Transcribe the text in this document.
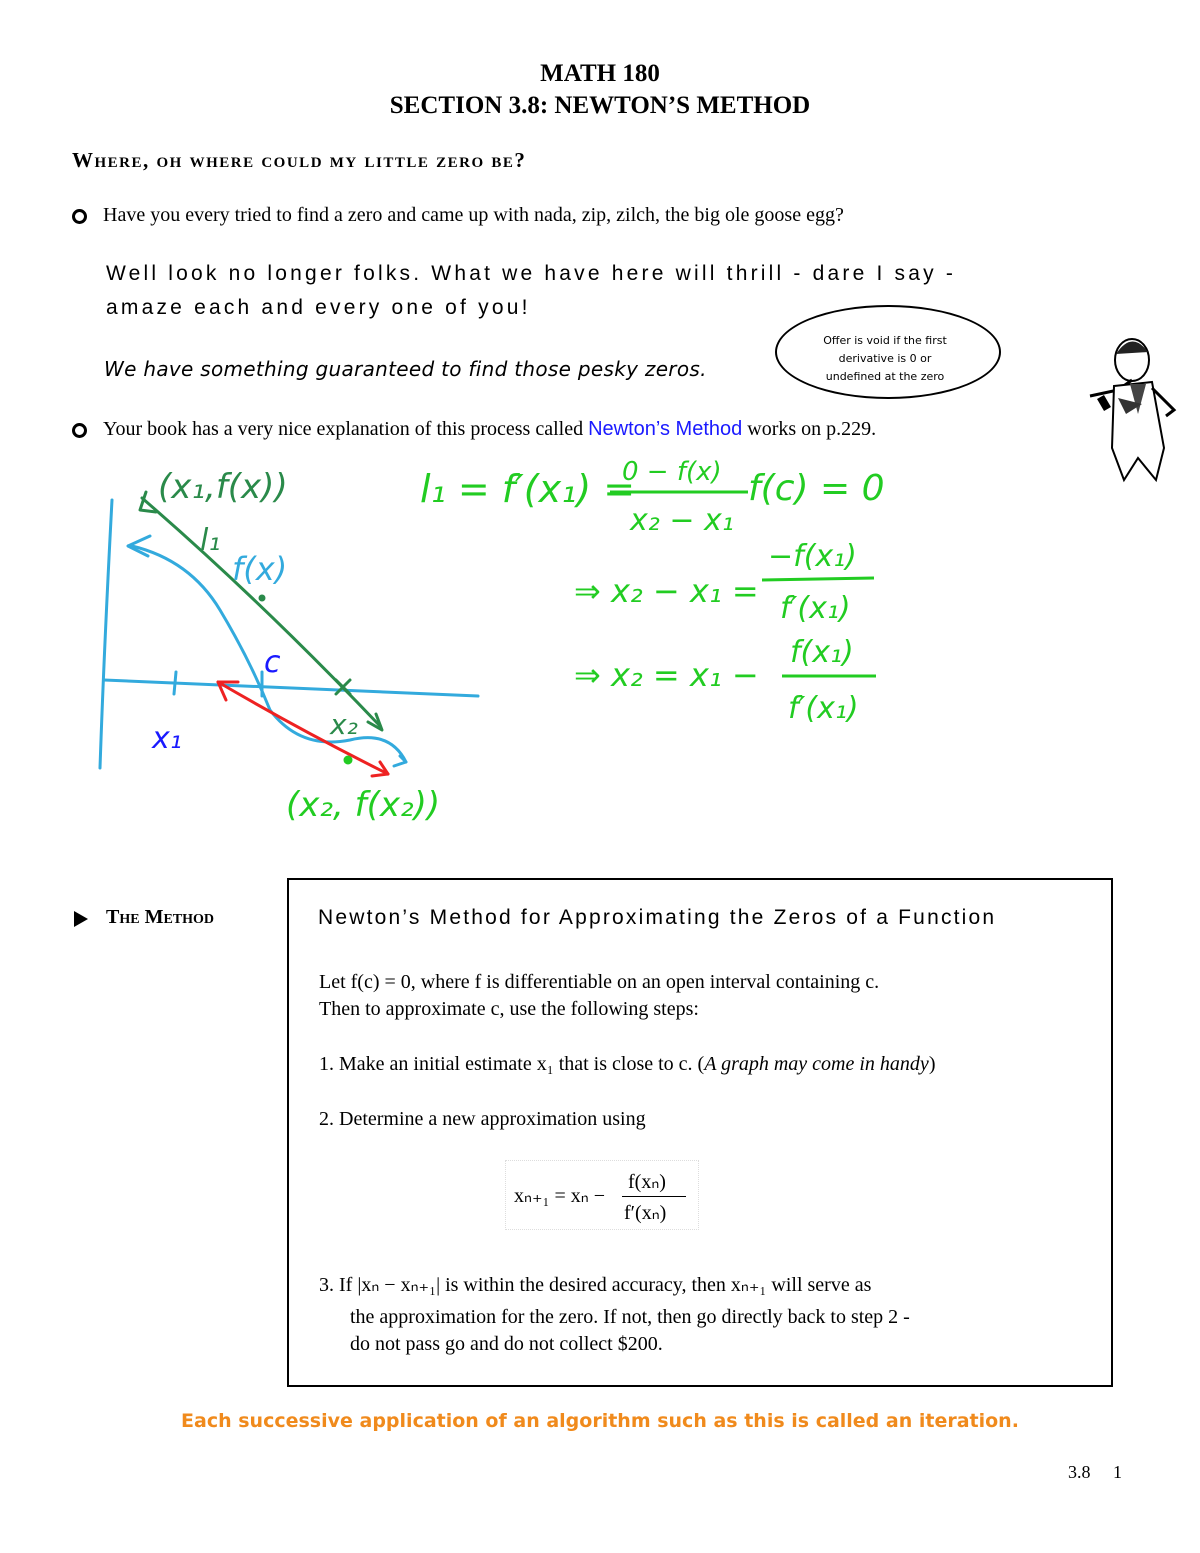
MATH 180
SECTION 3.8: NEWTON’S METHOD
Where, oh where could my little zero be?
Have you every tried to find a zero and came up with nada, zip, zilch, the big ole goose egg?
Well look no longer folks. What we have here will thrill - dare I say -
amaze each and every one of you!
We have something guaranteed to find those pesky zeros.
Offer is void if the first
derivative is 0 or
undefined at the zero
Your book has a very nice explanation of this process called Newton’s Method works on p.229.
(x₁,f(x))
l₁
f(x)
c
x₁	x₂
(x₂, f(x₂))
l₁ = f′(x₁) =
0 − f(x)
x₂ − x₁
f(c) = 0
⇒ x₂ − x₁ =
−f(x₁)
f′(x₁)
⇒ x₂ = x₁ −
f(x₁)
f′(x₁)
The Method	Newton’s Method for Approximating the Zeros of a Function
Let f(c) = 0, where f is differentiable on an open interval containing c.
Then to approximate c, use the following steps:
1. Make an initial estimate x₁ that is close to c. (A graph may come in handy)
2. Determine a new approximation using
xₙ₊₁ = xₙ −
f(xₙ)
f′(xₙ)
3. If |xₙ − xₙ₊₁| is within the desired accuracy, then xₙ₊₁ will serve as
the approximation for the zero. If not, then go directly back to step 2 -
do not pass go and do not collect $200.
Each successive application of an algorithm such as this is called an iteration.
3.8     1
